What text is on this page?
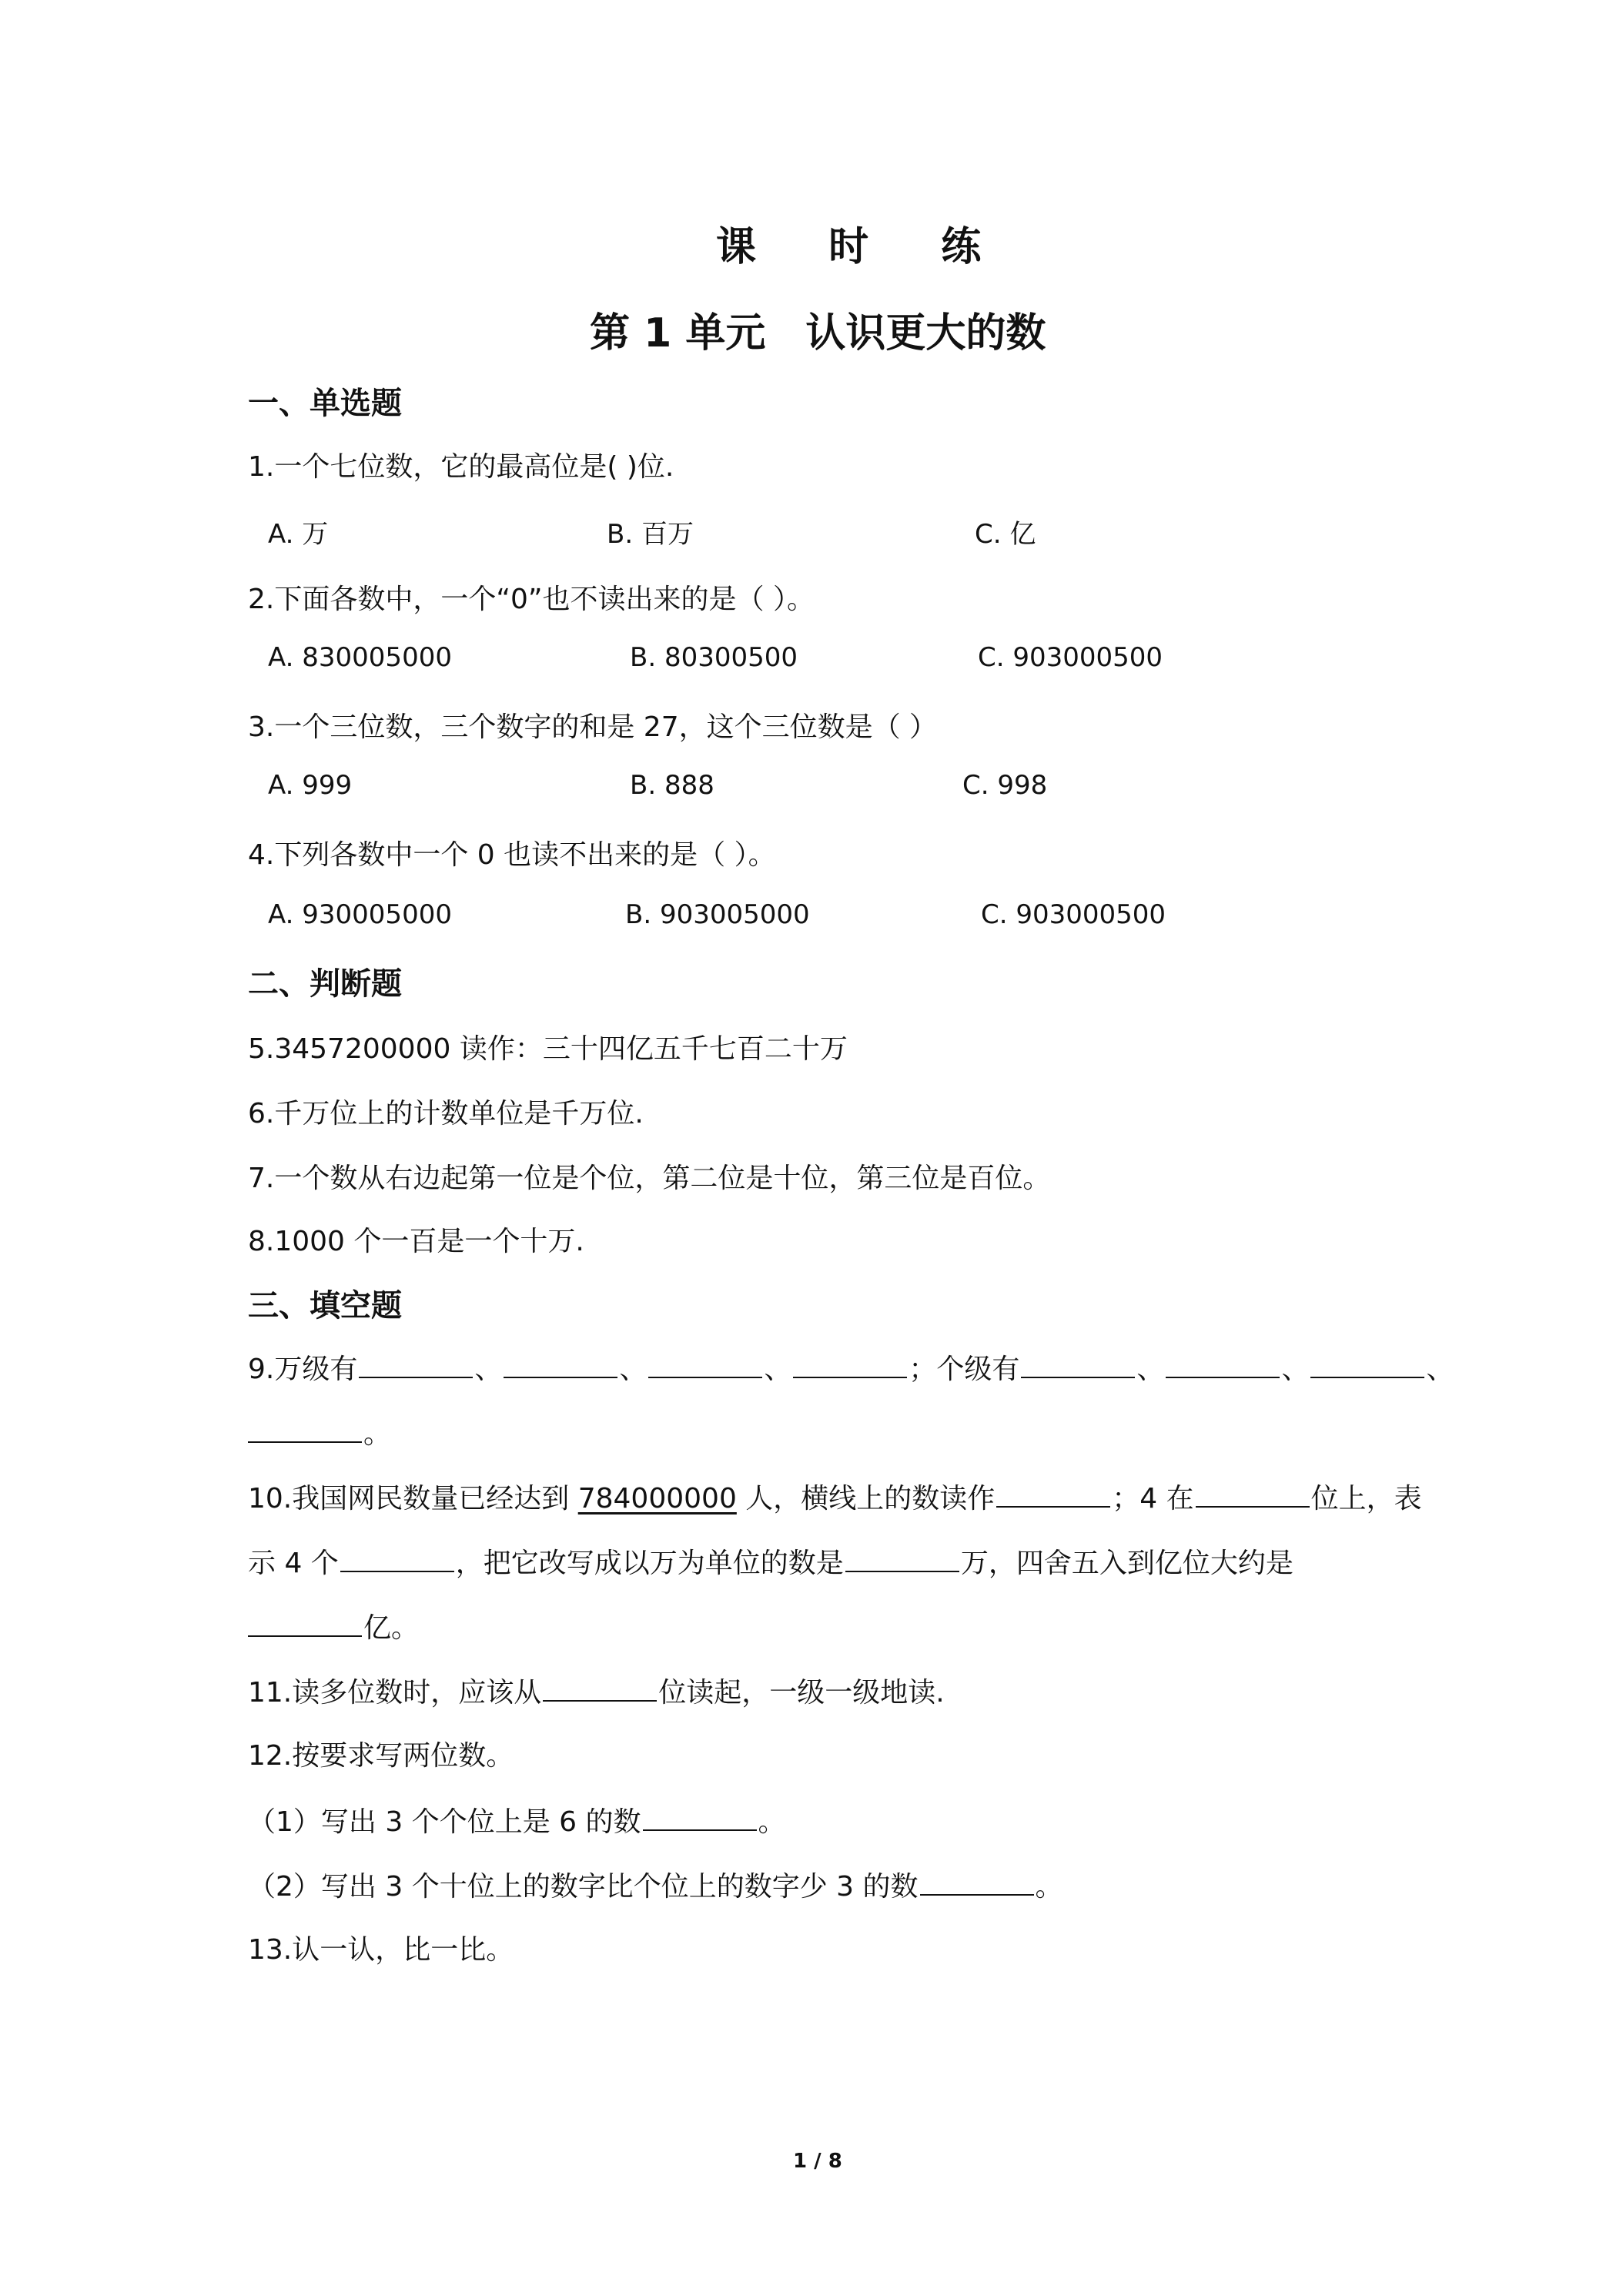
课 时 练
第 1 单元　认识更大的数
一、单选题
1.一个七位数，它的最高位是( )位.
A. 万	B. 百万	C. 亿
2.下面各数中，一个“0”也不读出来的是（ ）。
A. 830005000	B. 80300500	C. 903000500
3.一个三位数，三个数字的和是 27，这个三位数是（ ）
A. 999	B. 888	C. 998
4.下列各数中一个 0 也读不出来的是（ ）。
A. 930005000	B. 903005000	C. 903000500
二、判断题
5.3457200000 读作：三十四亿五千七百二十万
6.千万位上的计数单位是千万位.
7.一个数从右边起第一位是个位，第二位是十位，第三位是百位。
8.1000 个一百是一个十万.
三、填空题
9.万级有	、	、	、	；个级有	、	、	、
。
10.我国网民数量已经达到 784000000 人，横线上的数读作	；4 在	位上，表
示 4 个	，把它改写成以万为单位的数是	万，四舍五入到亿位大约是
亿。
11.读多位数时，应该从	位读起，一级一级地读.
12.按要求写两位数。
（1）写出 3 个个位上是 6 的数	。
（2）写出 3 个十位上的数字比个位上的数字少 3 的数	。
13.认一认，比一比。
1 / 8
